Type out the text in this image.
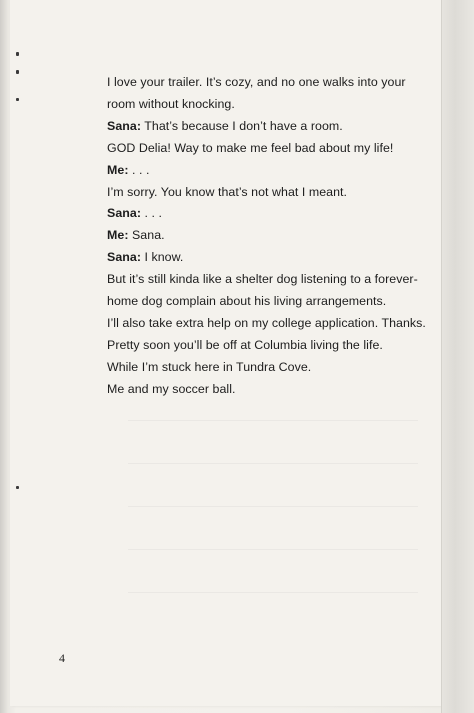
I love your trailer. It’s cozy, and no one walks into your
room without knocking.
Sana: That’s because I don’t have a room.
GOD Delia! Way to make me feel bad about my life!
Me: . . .
I’m sorry. You know that’s not what I meant.
Sana: . . .
Me: Sana.
Sana: I know.
But it’s still kinda like a shelter dog listening to a forever-
home dog complain about his living arrangements.
I’ll also take extra help on my college application. Thanks.
Pretty soon you’ll be off at Columbia living the life.
While I’m stuck here in Tundra Cove.
Me and my soccer ball.
4
